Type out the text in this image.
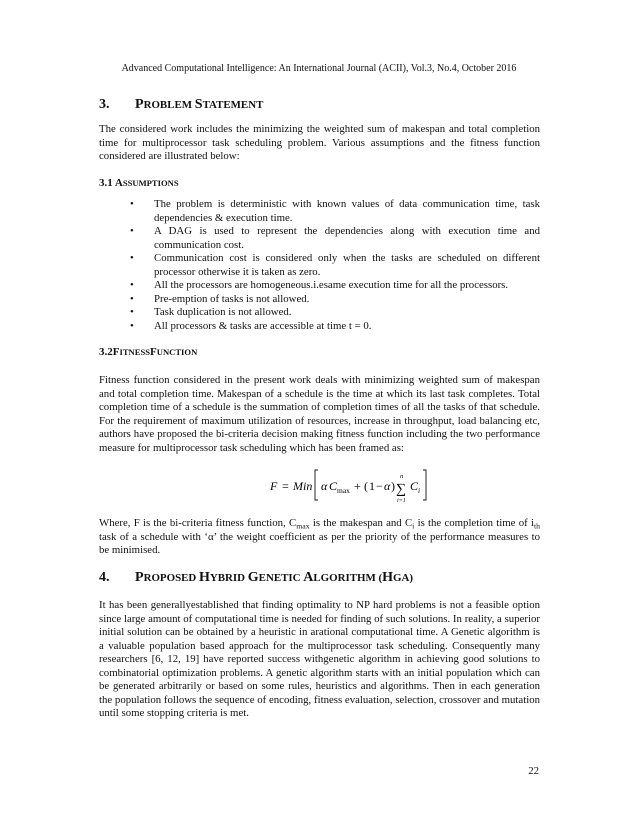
Advanced Computational Intelligence: An International Journal (ACII), Vol.3, No.4, October 2016
3. PROBLEM STATEMENT
The considered work includes the minimizing the weighted sum of makespan and total completion time for multiprocessor task scheduling problem. Various assumptions and the fitness function considered are illustrated below:
3.1 ASSUMPTIONS
• The problem is deterministic with known values of data communication time, task dependencies & execution time.
• A DAG is used to represent the dependencies along with execution time and communication cost.
• Communication cost is considered only when the tasks are scheduled on different processor otherwise it is taken as zero.
• All the processors are homogeneous.i.esame execution time for all the processors.
• Pre-emption of tasks is not allowed.
• Task duplication is not allowed.
• All processors & tasks are accessible at time t = 0.
3.2FITNESSFUNCTION
Fitness function considered in the present work deals with minimizing weighted sum of makespan and total completion time. Makespan of a schedule is the time at which its last task completes. Total completion time of a schedule is the summation of completion times of all the tasks of that schedule. For the requirement of maximum utilization of resources, increase in throughput, load balancing etc, authors have proposed the bi-criteria decision making fitness function including the two performance measure for multiprocessor task scheduling which has been framed as:
F = Min α C max + ( 1 − α )
n
∑
i=1
C i
Where, F is the bi-criteria fitness function, $C_{max}$ is the makespan and $C_i$ is the completion time of $i_{th}$ task of a schedule with ‘α’ the weight coefficient as per the priority of the performance measures to be minimised.
4. PROPOSED HYBRID GENETIC ALGORITHM (HGA)
It has been generallyestablished that finding optimality to NP hard problems is not a feasible option since large amount of computational time is needed for finding of such solutions. In reality, a superior initial solution can be obtained by a heuristic in arational computational time. A Genetic algorithm is a valuable population based approach for the multiprocessor task scheduling. Consequently many researchers [6, 12, 19] have reported success withgenetic algorithm in achieving good solutions to combinatorial optimization problems. A genetic algorithm starts with an initial population which can be generated arbitrarily or based on some rules, heuristics and algorithms. Then in each generation the population follows the sequence of encoding, fitness evaluation, selection, crossover and mutation until some stopping criteria is met.
22
